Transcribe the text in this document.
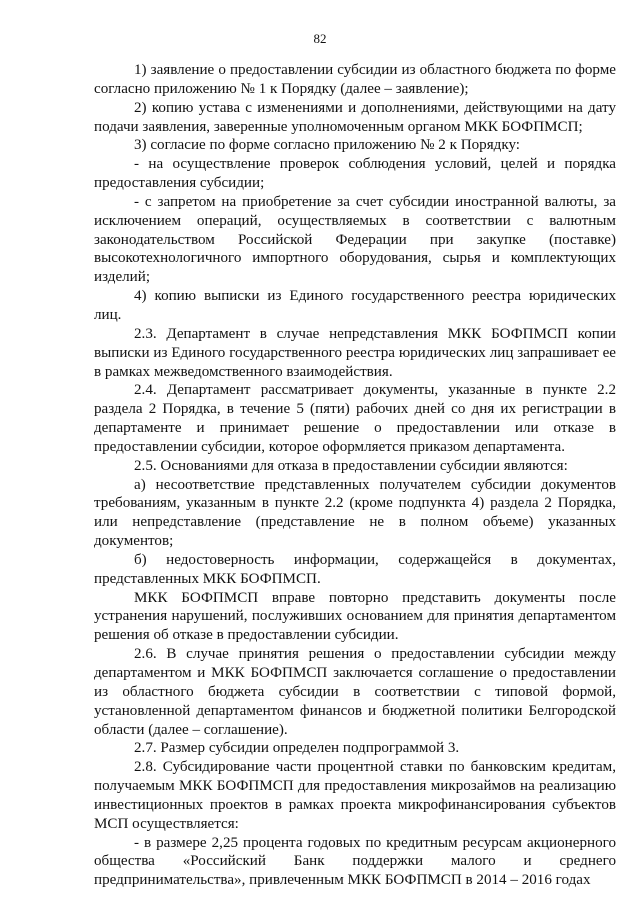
82

1) заявление о предоставлении субсидии из областного бюджета по форме согласно приложению № 1 к Порядку (далее – заявление);

2) копию устава с изменениями и дополнениями, действующими на дату подачи заявления, заверенные уполномоченным органом МКК БОФПМСП;

3) согласие по форме согласно приложению № 2 к Порядку:

- на осуществление проверок соблюдения условий, целей и порядка предоставления субсидии;

- с запретом на приобретение за счет субсидии иностранной валюты, за исключением операций, осуществляемых в соответствии с валютным законодательством Российской Федерации при закупке (поставке) высокотехнологичного импортного оборудования, сырья и комплектующих изделий;

4) копию выписки из Единого государственного реестра юридических лиц.

2.3. Департамент в случае непредставления МКК БОФПМСП копии выписки из Единого государственного реестра юридических лиц запрашивает ее в рамках межведомственного взаимодействия.

2.4. Департамент рассматривает документы, указанные в пункте 2.2 раздела 2 Порядка, в течение 5 (пяти) рабочих дней со дня их регистрации в департаменте и принимает решение о предоставлении или отказе в предоставлении субсидии, которое оформляется приказом департамента.

2.5. Основаниями для отказа в предоставлении субсидии являются:

а) несоответствие представленных получателем субсидии документов требованиям, указанным в пункте 2.2 (кроме подпункта 4) раздела 2 Порядка, или непредставление (представление не в полном объеме) указанных документов;

б) недостоверность информации, содержащейся в документах, представленных МКК БОФПМСП.

МКК БОФПМСП вправе повторно представить документы после устранения нарушений, послуживших основанием для принятия департаментом решения об отказе в предоставлении субсидии.

2.6. В случае принятия решения о предоставлении субсидии между департаментом и МКК БОФПМСП заключается соглашение о предоставлении из областного бюджета субсидии в соответствии с типовой формой, установленной департаментом финансов и бюджетной политики Белгородской области (далее – соглашение).

2.7. Размер субсидии определен подпрограммой 3.

2.8. Субсидирование части процентной ставки по банковским кредитам, получаемым МКК БОФПМСП для предоставления микрозаймов на реализацию инвестиционных проектов в рамках проекта микрофинансирования субъектов МСП осуществляется:

- в размере 2,25 процента годовых по кредитным ресурсам акционерного общества «Российский Банк поддержки малого и среднего предпринимательства», привлеченным МКК БОФПМСП в 2014 – 2016 годах
